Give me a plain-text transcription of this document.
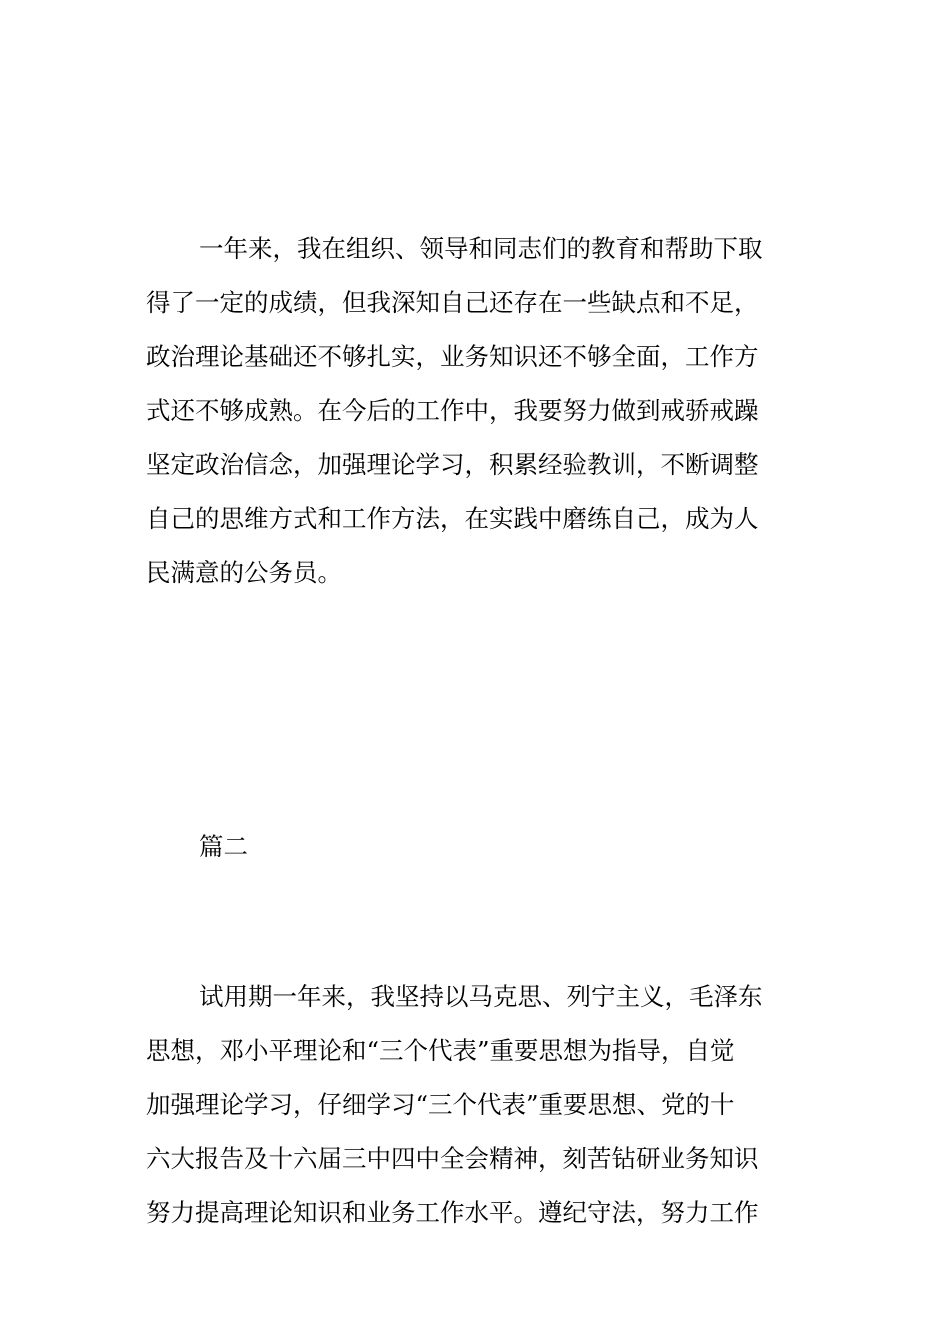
一年来，我在组织、领导和同志们的教育和帮助下取
得了一定的成绩，但我深知自己还存在一些缺点和不足，
政治理论基础还不够扎实，业务知识还不够全面，工作方
式还不够成熟。在今后的工作中，我要努力做到戒骄戒躁
坚定政治信念，加强理论学习，积累经验教训，不断调整
自己的思维方式和工作方法，在实践中磨练自己，成为人
民满意的公务员。
篇二
试用期一年来，我坚持以马克思、列宁主义，毛泽东
思想，邓小平理论和“三个代表”重要思想为指导，自觉
加强理论学习，仔细学习“三个代表”重要思想、党的十
六大报告及十六届三中四中全会精神，刻苦钻研业务知识
努力提高理论知识和业务工作水平。遵纪守法，努力工作
